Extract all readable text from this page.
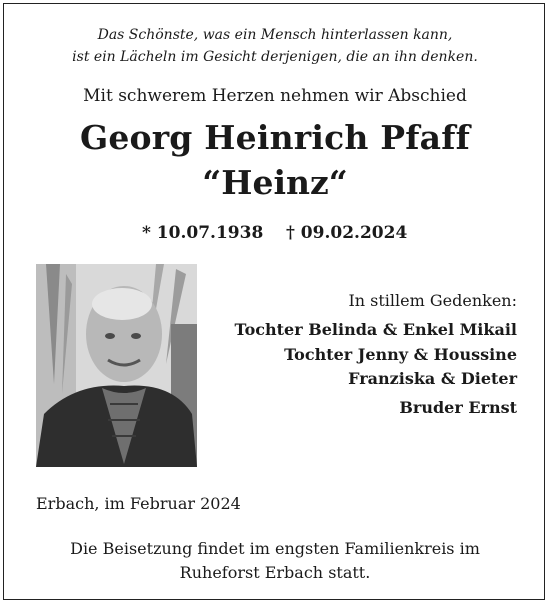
Das Schönste, was ein Mensch hinterlassen kann,
ist ein Lächeln im Gesicht derjenigen, die an ihn denken.
Mit schwerem Herzen nehmen wir Abschied
Georg Heinrich Pfaff
“Heinz“
* 10.07.1938 † 09.02.2024
In stillem Gedenken:
Tochter Belinda & Enkel Mikail
Tochter Jenny & Houssine
Franziska & Dieter
Bruder Ernst
Erbach, im Februar 2024
Die Beisetzung findet im engsten Familienkreis im
Ruheforst Erbach statt.
